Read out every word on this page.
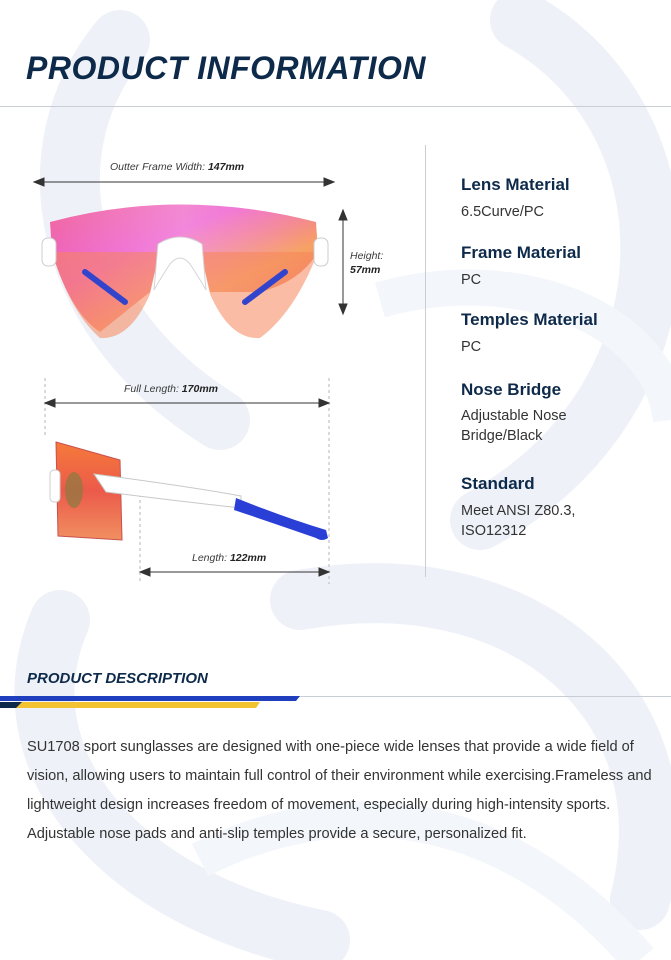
PRODUCT INFORMATION
Outter Frame Width: 147mm
Height:
57mm
Full Length: 170mm
Length: 122mm
Lens Material
6.5Curve/PC
Frame Material
PC
Temples Material
PC
Nose Bridge
Adjustable Nose Bridge/Black
Standard
Meet ANSI Z80.3, ISO12312
PRODUCT DESCRIPTION
SU1708 sport sunglasses are designed with one-piece wide lenses that provide a wide field of vision, allowing users to maintain full control of their environment while exercising.Frameless and lightweight design increases freedom of movement, especially during high-intensity sports. Adjustable nose pads and anti-slip temples provide a secure, personalized fit.
